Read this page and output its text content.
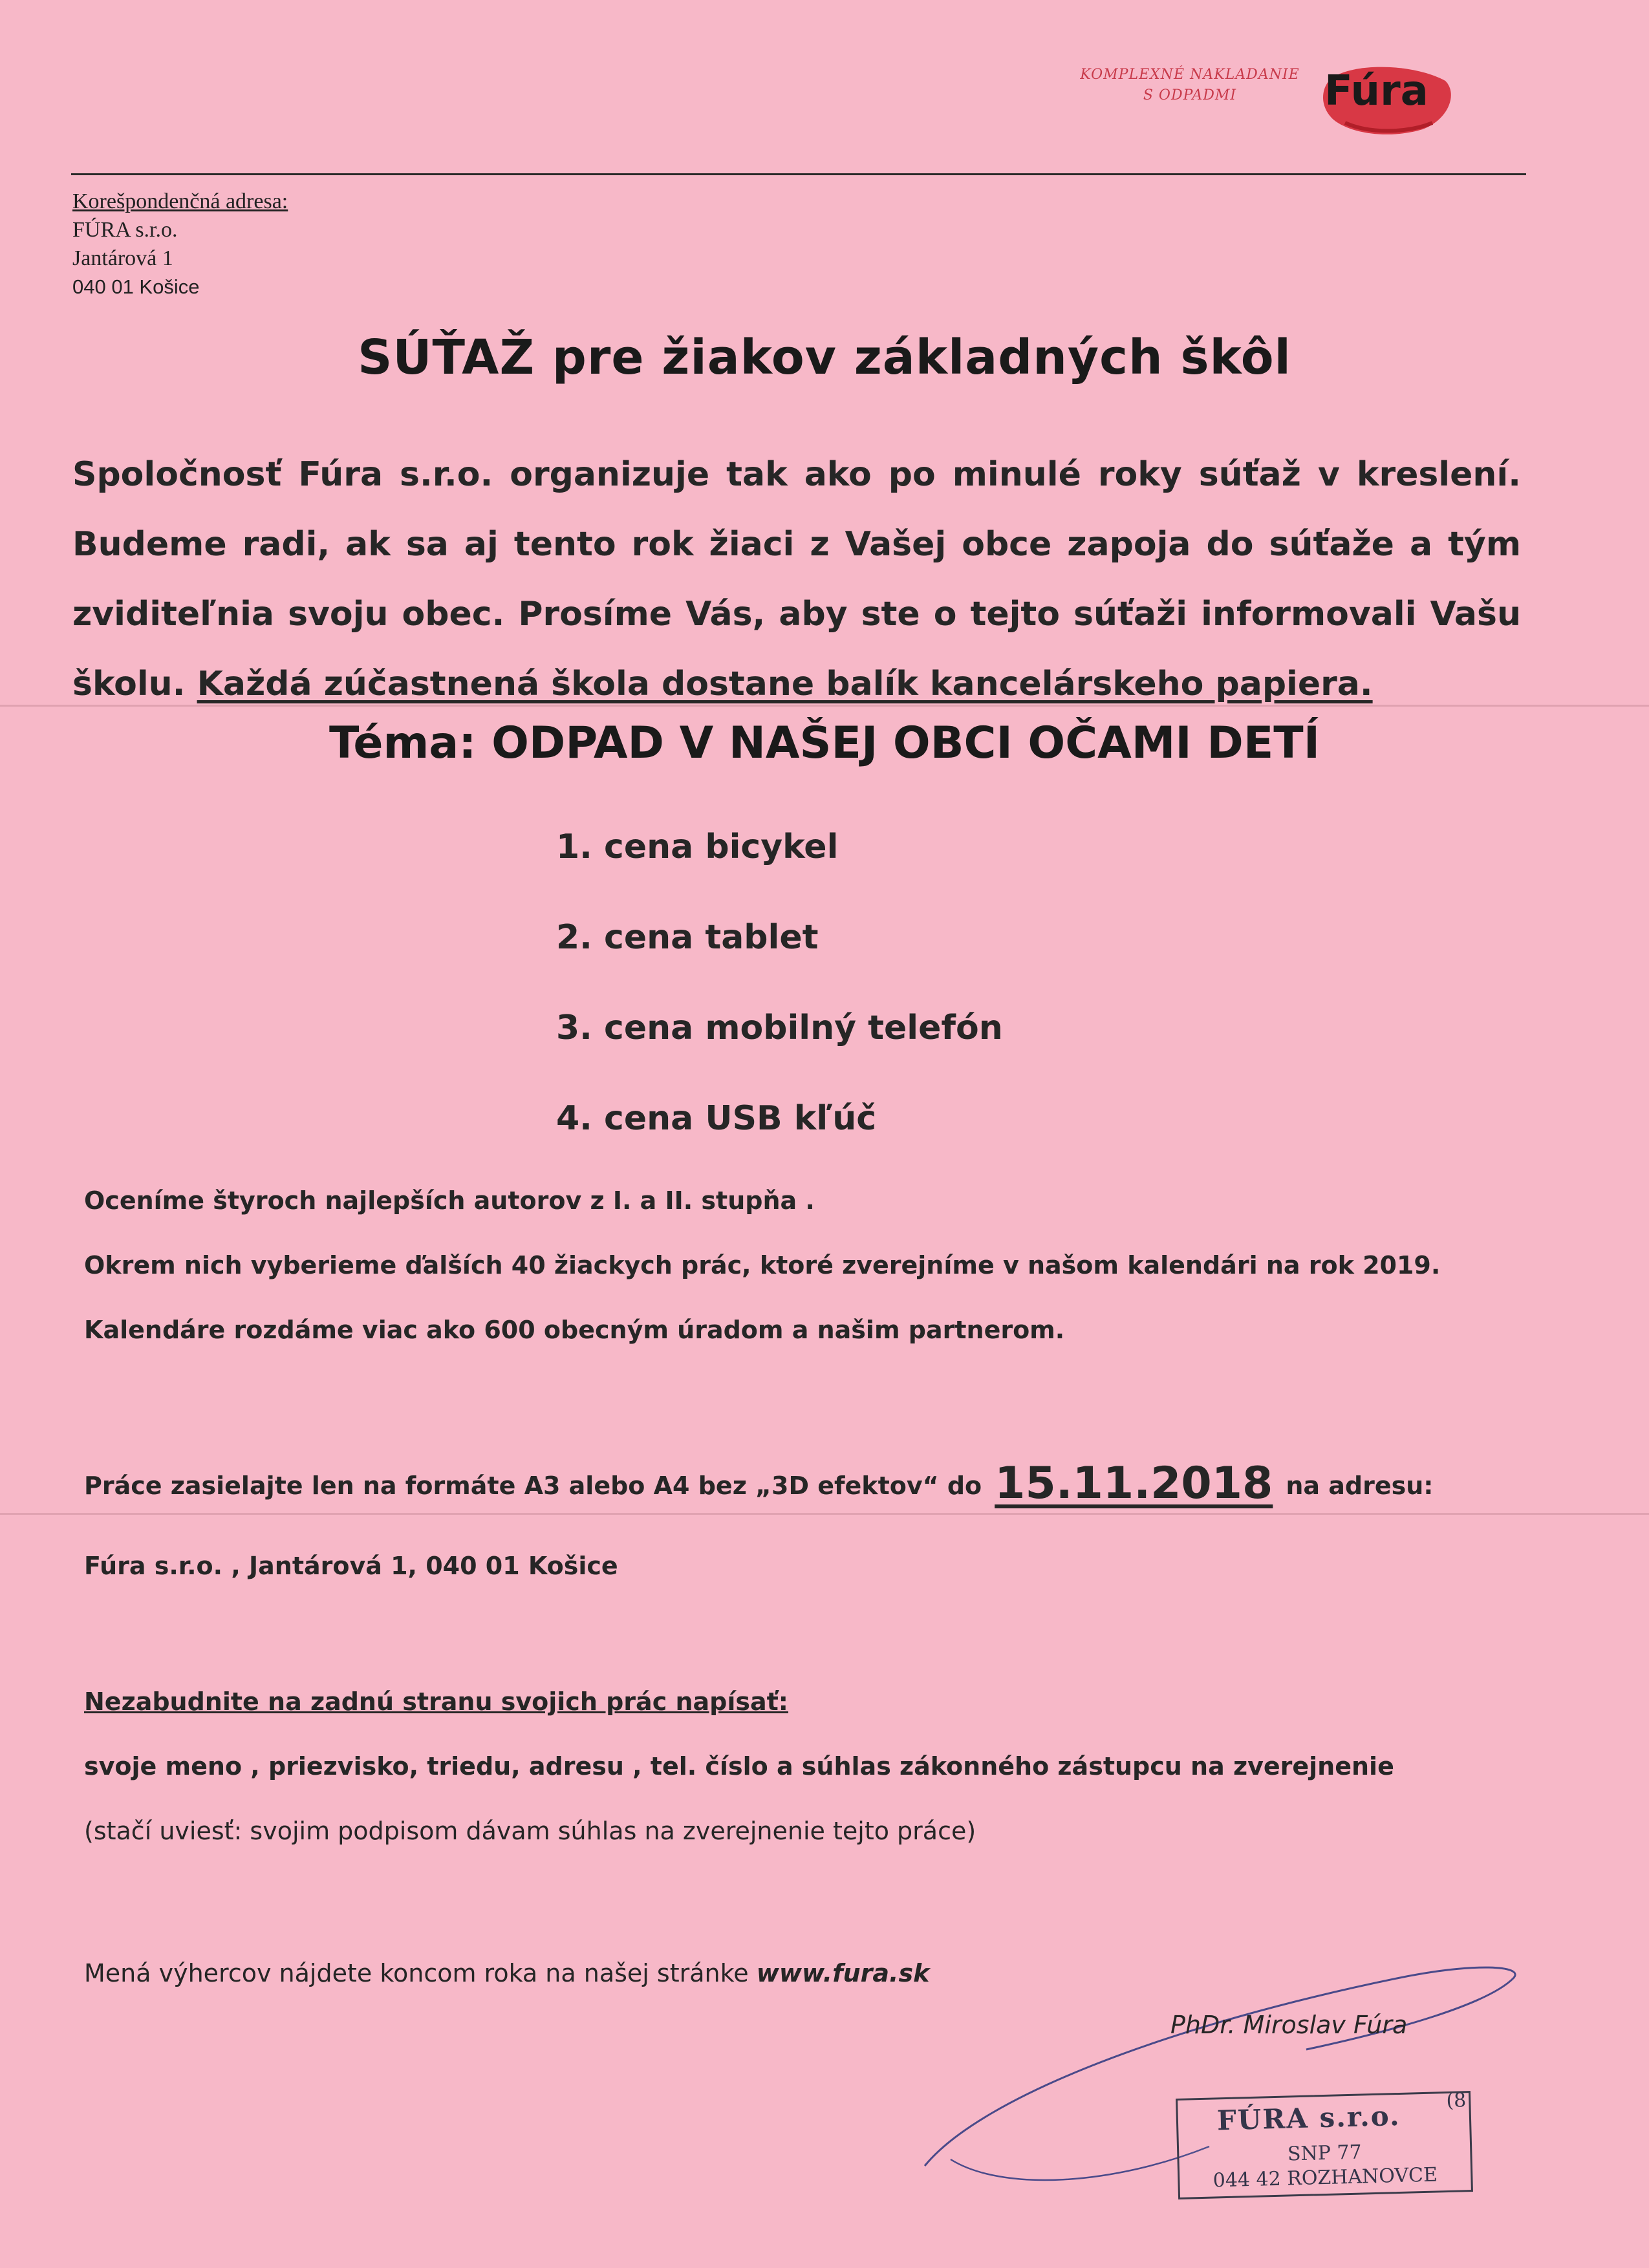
KOMPLEXNÉ NAKLADANIE
S ODPADMI	Fúra
Korešpondenčná adresa:
FÚRA s.r.o.
Jantárová 1
040 01 Košice
SÚŤAŽ pre žiakov základných škôl

Spoločnosť Fúra s.r.o. organizuje tak ako po minulé roky súťaž v kreslení. Budeme radi, ak sa aj tento rok žiaci z Vašej obce zapoja do súťaže a tým zviditeľnia svoju obec. Prosíme Vás, aby ste o tejto súťaži informovali Vašu školu. Každá zúčastnená škola dostane balík kancelárskeho papiera.

Téma: ODPAD V NAŠEJ OBCI OČAMI DETÍ
1. cena bicykel
2. cena tablet
3. cena mobilný telefón
4. cena USB kľúč

Oceníme štyroch najlepších autorov z I. a II. stupňa .

Okrem nich vyberieme ďalších 40 žiackych prác, ktoré zverejníme v našom kalendári na rok 2019.

Kalendáre rozdáme viac ako 600 obecným úradom a našim partnerom.

Práce zasielajte len na formáte A3 alebo A4 bez „3D efektov“ do 15.11.2018 na adresu:

Fúra s.r.o. , Jantárová 1, 040 01 Košice

Nezabudnite na zadnú stranu svojich prác napísať:

svoje meno , priezvisko, triedu, adresu , tel. číslo a súhlas zákonného zástupcu na zverejnenie

(stačí uviesť: svojim podpisom dávam súhlas na zverejnenie tejto práce)

Mená výhercov nájdete koncom roka na našej stránke www.fura.sk

PhDr. Miroslav Fúra
FÚRA s.r.o. (8
SNP 77
044 42 ROZHANOVCE
